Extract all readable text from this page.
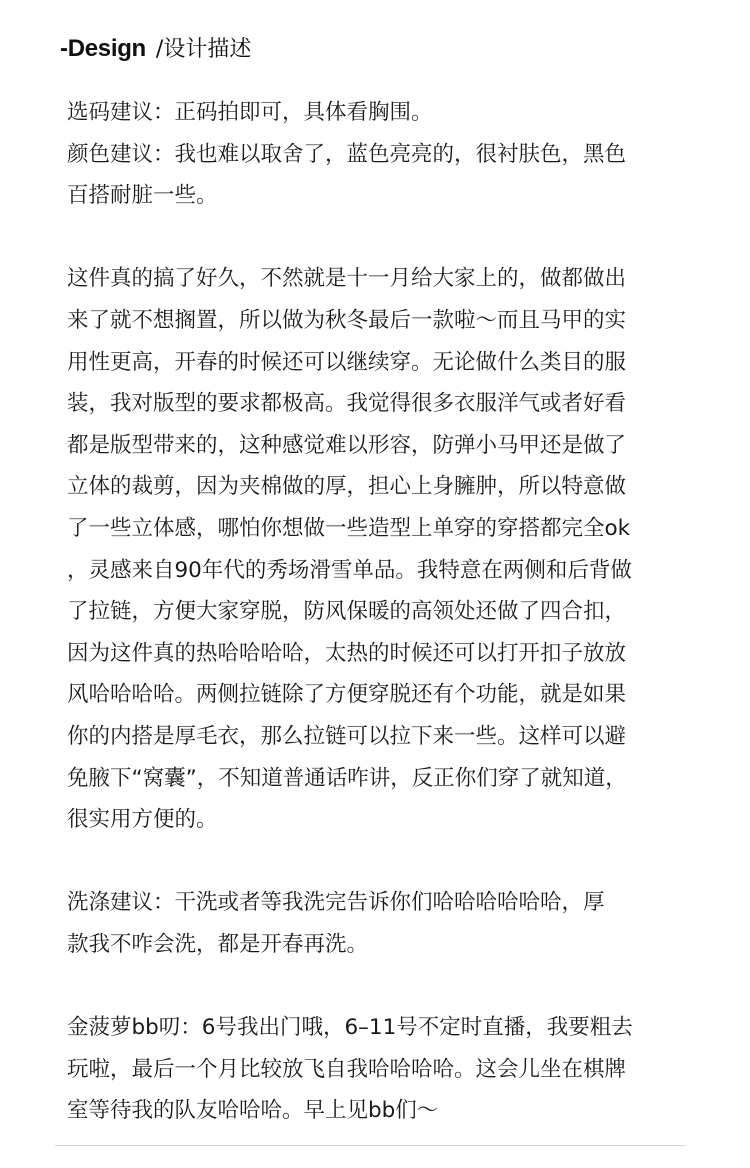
-Design /设计描述
选码建议：正码拍即可，具体看胸围。
颜色建议：我也难以取舍了，蓝色亮亮的，很衬肤色，黑色
百搭耐脏一些。
这件真的搞了好久，不然就是十一月给大家上的，做都做出
来了就不想搁置，所以做为秋冬最后一款啦～而且马甲的实
用性更高，开春的时候还可以继续穿。无论做什么类目的服
装，我对版型的要求都极高。我觉得很多衣服洋气或者好看
都是版型带来的，这种感觉难以形容，防弹小马甲还是做了
立体的裁剪，因为夹棉做的厚，担心上身臃肿，所以特意做
了一些立体感，哪怕你想做一些造型上单穿的穿搭都完全ok
，灵感来自90年代的秀场滑雪单品。我特意在两侧和后背做
了拉链，方便大家穿脱，防风保暖的高领处还做了四合扣，
因为这件真的热哈哈哈哈，太热的时候还可以打开扣子放放
风哈哈哈哈。两侧拉链除了方便穿脱还有个功能，就是如果
你的内搭是厚毛衣，那么拉链可以拉下来一些。这样可以避
免腋下“窝囊”，不知道普通话咋讲，反正你们穿了就知道，
很实用方便的。
洗涤建议：干洗或者等我洗完告诉你们哈哈哈哈哈哈，厚
款我不咋会洗，都是开春再洗。
金菠萝bb叨：6号我出门哦，6–11号不定时直播，我要粗去
玩啦，最后一个月比较放飞自我哈哈哈哈。这会儿坐在棋牌
室等待我的队友哈哈哈。早上见bb们～
